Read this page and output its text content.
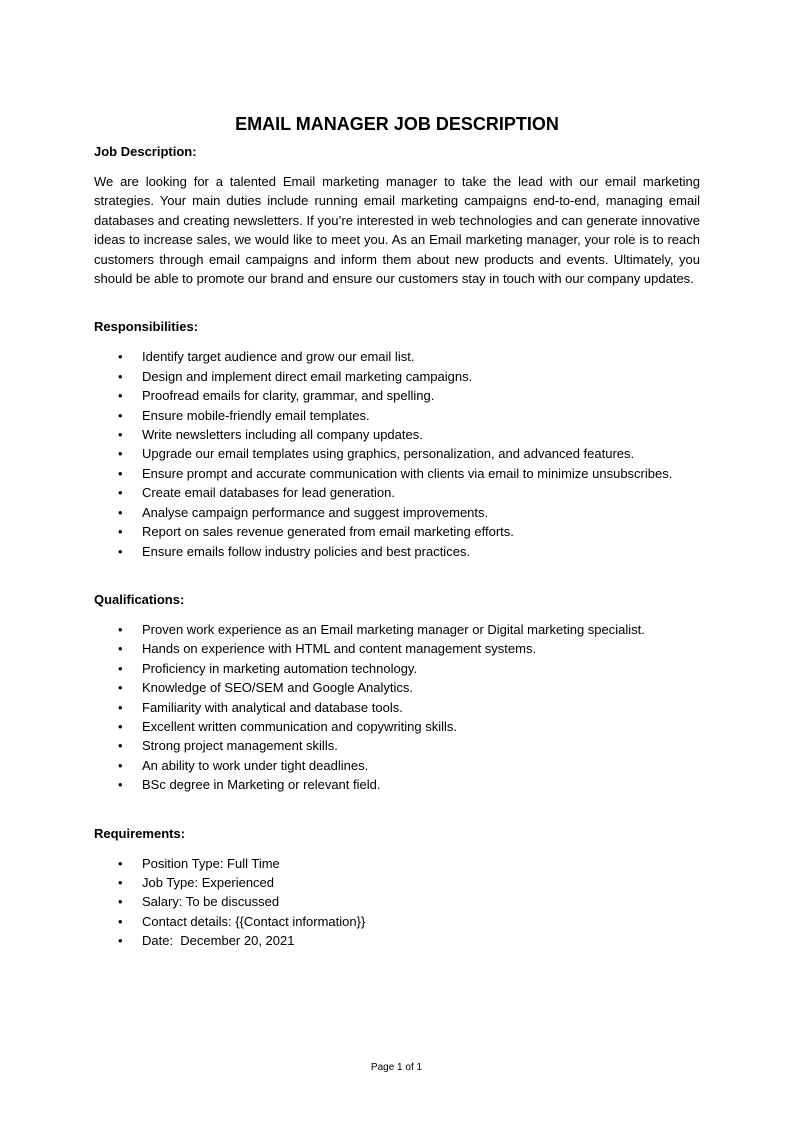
EMAIL MANAGER JOB DESCRIPTION
Job Description:

We are looking for a talented Email marketing manager to take the lead with our email marketing strategies. Your main duties include running email marketing campaigns end-to-end, managing email databases and creating newsletters. If you’re interested in web technologies and can generate innovative ideas to increase sales, we would like to meet you. As an Email marketing manager, your role is to reach customers through email campaigns and inform them about new products and events. Ultimately, you should be able to promote our brand and ensure our customers stay in touch with our company updates.

Responsibilities:
• Identify target audience and grow our email list.
• Design and implement direct email marketing campaigns.
• Proofread emails for clarity, grammar, and spelling.
• Ensure mobile-friendly email templates.
• Write newsletters including all company updates.
• Upgrade our email templates using graphics, personalization, and advanced features.
• Ensure prompt and accurate communication with clients via email to minimize unsubscribes.
• Create email databases for lead generation.
• Analyse campaign performance and suggest improvements.
• Report on sales revenue generated from email marketing efforts.
• Ensure emails follow industry policies and best practices.
Qualifications:
• Proven work experience as an Email marketing manager or Digital marketing specialist.
• Hands on experience with HTML and content management systems.
• Proficiency in marketing automation technology.
• Knowledge of SEO/SEM and Google Analytics.
• Familiarity with analytical and database tools.
• Excellent written communication and copywriting skills.
• Strong project management skills.
• An ability to work under tight deadlines.
• BSc degree in Marketing or relevant field.
Requirements:
• Position Type: Full Time
• Job Type: Experienced
• Salary: To be discussed
• Contact details: {{Contact information}}
• Date:  December 20, 2021
Page 1 of 1
